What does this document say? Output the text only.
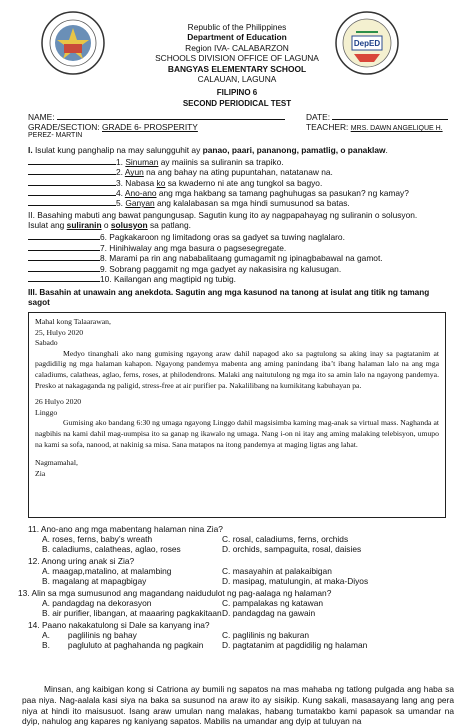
DepED
Republic of the Philippines
Department of Education
Region IVA- CALABARZON
SCHOOLS DIVISION OFFICE OF LAGUNA
BANGYAS ELEMENTARY SCHOOL
CALAUAN, LAGUNA
FILIPINO 6
SECOND PERIODICAL TEST
NAME:	DATE:
GRADE/SECTION: GRADE 6- PROSPERITY	TEACHER: MRS. DAWN ANGELIQUE H.
PEREZ- MARTIN
I. Isulat kung panghalip na may salungguhit ay panao, paari, pananong, pamatlig, o panaklaw.
1. Sinuman ay maiinis sa suliranin sa trapiko.
2. Ayun na ang bahay na ating pupuntahan, natatanaw na.
3. Nabasa ko sa kwaderno ni ate ang tungkol sa bagyo.
4. Ano-ano ang mga hakbang sa tamang paghuhugas sa pasukan? ng kamay?
5. Ganyan ang kalalabasan sa mga hindi sumusunod sa batas.
II. Basahing mabuti ang bawat pangungusap. Sagutin kung ito ay nagpapahayag ng suliranin o solusyon.
Isulat ang suliranin o solusyon sa patlang.
6. Pagkakaroon ng limitadong oras sa gadyet sa tuwing naglalaro.
7. Hinihiwalay ang mga basura o pagsesegregate.
8. Marami pa rin ang nababalitaang gumagamit ng ipinagbabawal na gamot.
9. Sobrang paggamit ng mga gadyet ay nakasisira ng kalusugan.
10. Kailangan ang magtipid ng tubig.
III. Basahin at unawain ang anekdota. Sagutin ang mga kasunod na tanong at isulat ang titik ng tamang
sagot

Mahal kong Talaarawan,

25, Hulyo 2020

Sabado

Medyo tinanghali ako nang gumising ngayong araw dahil napagod ako sa pagtulong sa aking inay sa pagtatanim at pagdidilig ng mga halaman kahapon. Ngayong pandemya mabenta ang aming panindang iba’t ibang halaman lalo na ang mga caladiums, calatheas, aglao, ferns, roses, at philodendrons. Malaki ang naitutulong ng mga ito sa amin lalo na ngayong pandemya. Presko at nakagaganda ng paligid, stress-free at air purifier pa. Nakalilibang na kumikitang kabuhayan pa.

26 Hulyo 2020

Linggo

Gumising ako bandang 6:30 ng umaga ngayong Linggo dahil magsisimba kaming mag-anak sa virtual mass. Naghanda at nagbihis na kami dahil mag-uumpisa ito sa ganap ng ikawalo ng umaga. Nang i-on ni itay ang aming malaking telebisyon, umupo na kami sa sofa, nanood, at nakinig sa misa. Sana matapos na itong pandemya at maging ligtas ang lahat.

Nagmamahal,

Zia

11. Ano-ano ang mga mabentang halaman nina Zia?
A. roses, ferns, baby’s wreath	C. rosal, caladiums, ferns, orchids
B. caladiums, calatheas, aglao, roses	D. orchids, sampaguita, rosal, daisies
12. Anong uring anak si Zia?
A. maagap,matalino, at malambing	C. masayahin at palakaibigan
B. magalang at mapagbigay	D. masipag, matulungin, at maka-Diyos
13. Alin sa mga sumusunod ang magandang naidudulot ng pag-aalaga ng halaman?
A. pandagdag na dekorasyon	C. pampalakas ng katawan
B. air purifier, libangan, at maaaring pagkakitaan D. pandagdag na gawain
14. Paano nakakatulong si Dale sa kanyang ina?
A. paglilinis ng bahay	C. paglilinis ng bakuran
B. pagluluto at paghahanda ng pagkain D. pagtatanim at pagdidilig ng halaman
Minsan, ang kaibigan kong si Catriona ay bumili ng sapatos na mas mahaba ng tatlong pulgada ang haba sa paa niya. Nag-aalala kasi siya na baka sa susunod na araw ito ay sisikip. Kung sakali, masasayang lang ang pera niya at hindi ito maisusuot. Isang araw umulan nang malakas, habang tumatakbo kami papasok sa umandar na dyip, nahulog ang kapares ng kaniyang sapatos. Mabilis na umandar ang dyip at tuluyan na
